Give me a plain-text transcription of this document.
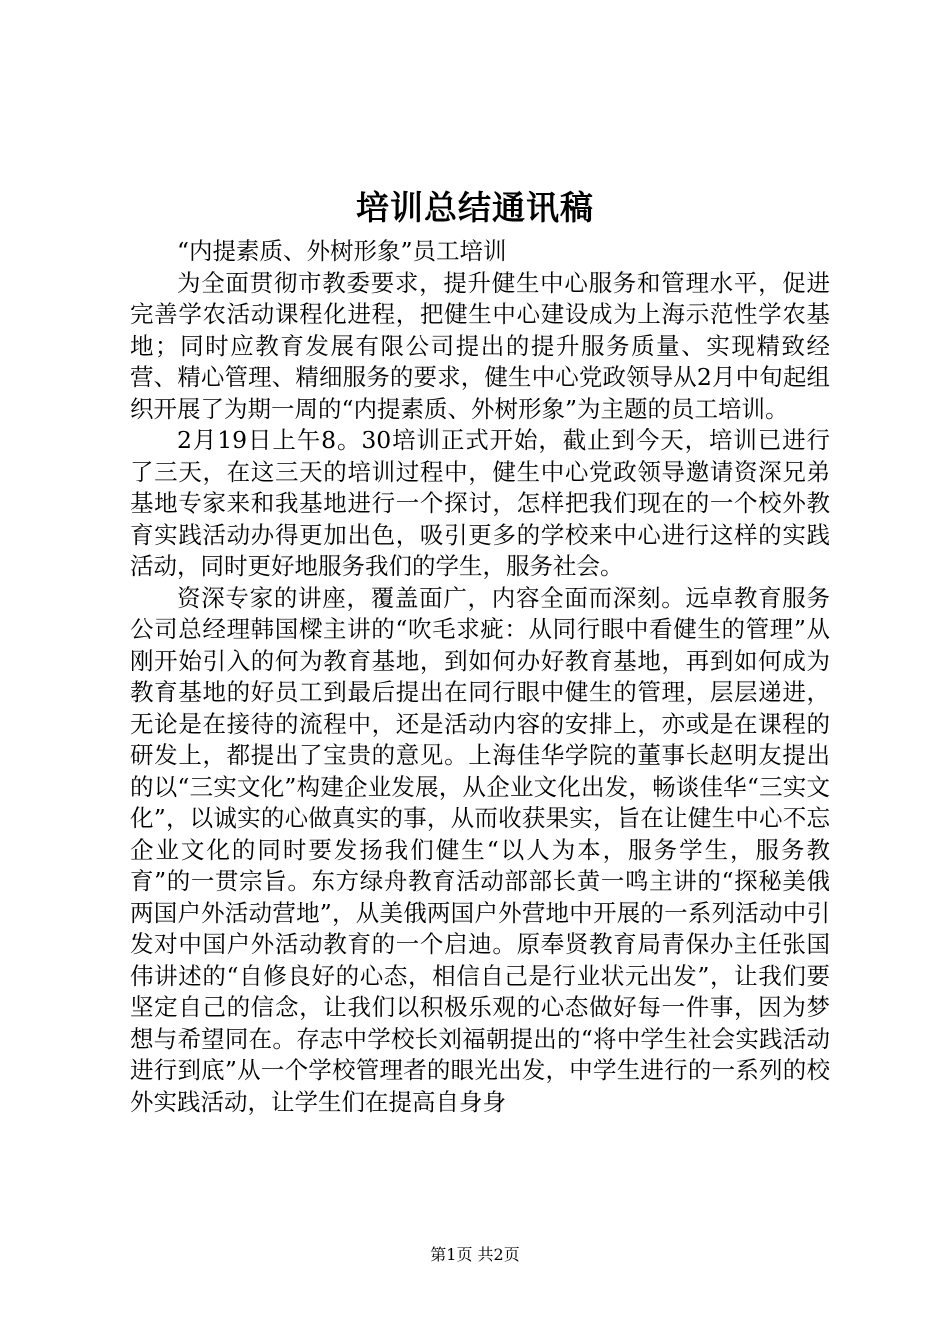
培训总结通讯稿

“内提素质、外树形象”员工培训

为全面贯彻市教委要求，提升健生中心服务和管理水平，促进完善学农活动课程化进程，把健生中心建设成为上海示范性学农基地；同时应教育发展有限公司提出的提升服务质量、实现精致经营、精心管理、精细服务的要求，健生中心党政领导从2月中旬起组织开展了为期一周的“内提素质、外树形象”为主题的员工培训。

2月19日上午8。30培训正式开始，截止到今天，培训已进行了三天，在这三天的培训过程中，健生中心党政领导邀请资深兄弟基地专家来和我基地进行一个探讨，怎样把我们现在的一个校外教育实践活动办得更加出色，吸引更多的学校来中心进行这样的实践活动，同时更好地服务我们的学生，服务社会。

资深专家的讲座，覆盖面广，内容全面而深刻。远卓教育服务公司总经理韩国樑主讲的“吹毛求疵：从同行眼中看健生的管理”从刚开始引入的何为教育基地，到如何办好教育基地，再到如何成为教育基地的好员工到最后提出在同行眼中健生的管理，层层递进，无论是在接待的流程中，还是活动内容的安排上，亦或是在课程的研发上，都提出了宝贵的意见。上海佳华学院的董事长赵明友提出的以“三实文化”构建企业发展，从企业文化出发，畅谈佳华“三实文化”，以诚实的心做真实的事，从而收获果实，旨在让健生中心不忘企业文化的同时要发扬我们健生“以人为本，服务学生，服务教育”的一贯宗旨。东方绿舟教育活动部部长黄一鸣主讲的“探秘美俄两国户外活动营地”，从美俄两国户外营地中开展的一系列活动中引发对中国户外活动教育的一个启迪。原奉贤教育局青保办主任张国伟讲述的“自修良好的心态，相信自己是行业状元出发”，让我们要坚定自己的信念，让我们以积极乐观的心态做好每一件事，因为梦想与希望同在。存志中学校长刘福朝提出的“将中学生社会实践活动进行到底”从一个学校管理者的眼光出发，中学生进行的一系列的校外实践活动，让学生们在提高自身身

第1页 共2页
